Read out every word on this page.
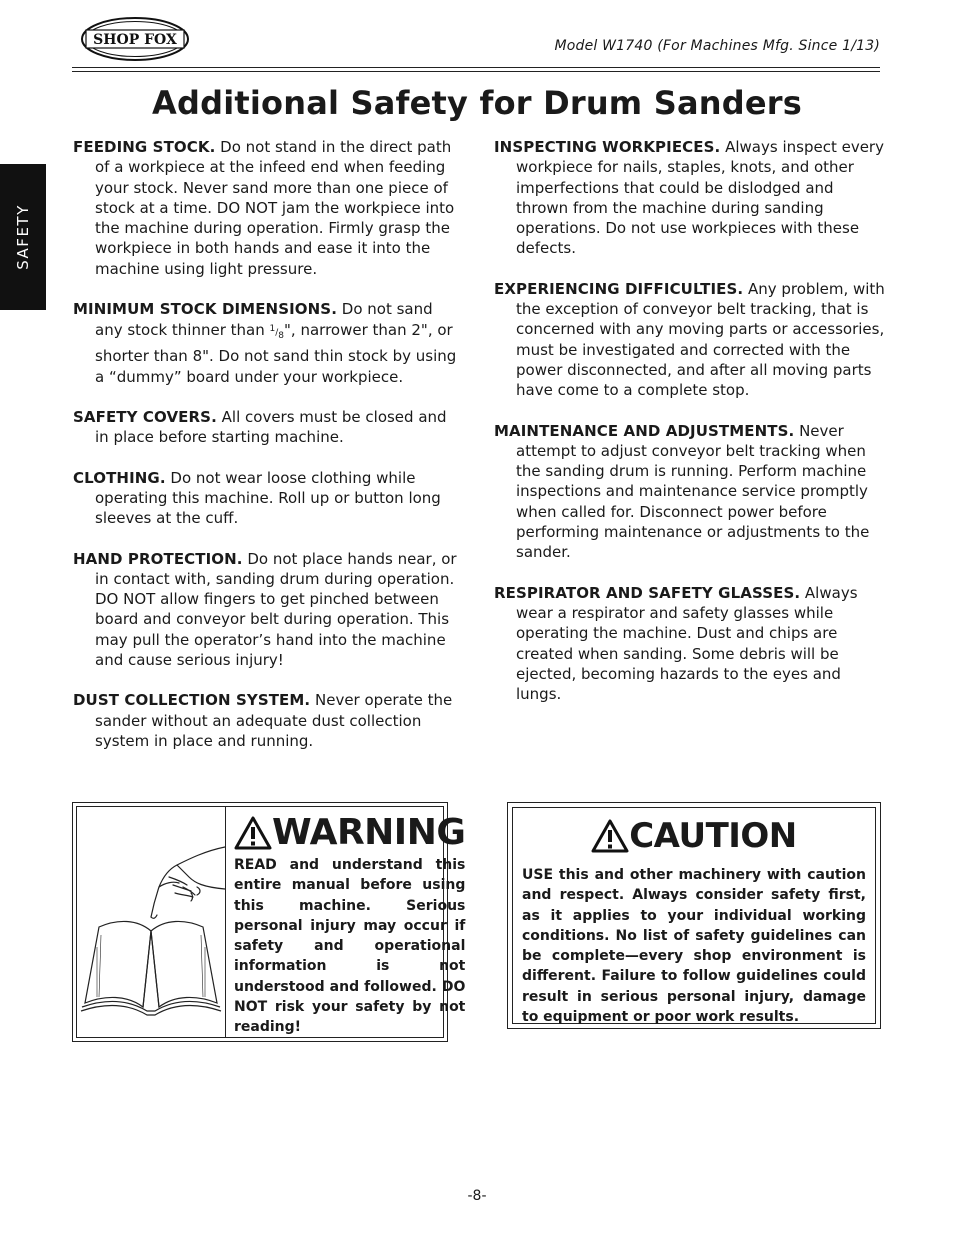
SHOP FOX	Model W1740 (For Machines Mfg. Since 1/13)
SAFETY
Additional Safety for Drum Sanders

FEEDING STOCK. Do not stand in the direct path of a workpiece at the infeed end when feeding your stock. Never sand more than one piece of stock at a time. DO NOT jam the workpiece into the machine during operation. Firmly grasp the workpiece in both hands and ease it into the machine using light pressure.

MINIMUM STOCK DIMENSIONS. Do not sand any stock thinner than $^1/_8$", narrower than 2", or shorter than 8". Do not sand thin stock by using a “dummy” board under your workpiece.

SAFETY COVERS. All covers must be closed and in place before starting machine.

CLOTHING. Do not wear loose clothing while operating this machine. Roll up or button long sleeves at the cuff.

HAND PROTECTION. Do not place hands near, or in contact with, sanding drum during operation. DO NOT allow fingers to get pinched between board and conveyor belt during operation. This may pull the operator’s hand into the machine and cause serious injury!

DUST COLLECTION SYSTEM. Never operate the sander without an adequate dust collection system in place and running.

INSPECTING WORKPIECES. Always inspect every workpiece for nails, staples, knots, and other imperfections that could be dislodged and thrown from the machine during sanding operations. Do not use workpieces with these defects.

EXPERIENCING DIFFICULTIES. Any problem, with the exception of conveyor belt tracking, that is concerned with any moving parts or accessories, must be investigated and corrected with the power disconnected, and after all moving parts have come to a complete stop.

MAINTENANCE AND ADJUSTMENTS. Never attempt to adjust conveyor belt tracking when the sanding drum is running. Perform machine inspections and maintenance service promptly when called for. Disconnect power before performing maintenance or adjustments to the sander.

RESPIRATOR AND SAFETY GLASSES. Always wear a respirator and safety glasses while operating the machine. Dust and chips are created when sanding. Some debris will be ejected, becoming hazards to the eyes and lungs.

WARNING
READ and understand this entire manual before using this machine. Serious personal injury may occur if safety and operational information is not understood and followed. DO NOT risk your safety by not reading!
CAUTION
USE this and other machinery with caution and respect. Always consider safety first, as it applies to your individual working conditions. No list of safety guidelines can be complete—every shop environment is different. Failure to follow guidelines could result in serious personal injury, damage to equipment or poor work results.
-8-
